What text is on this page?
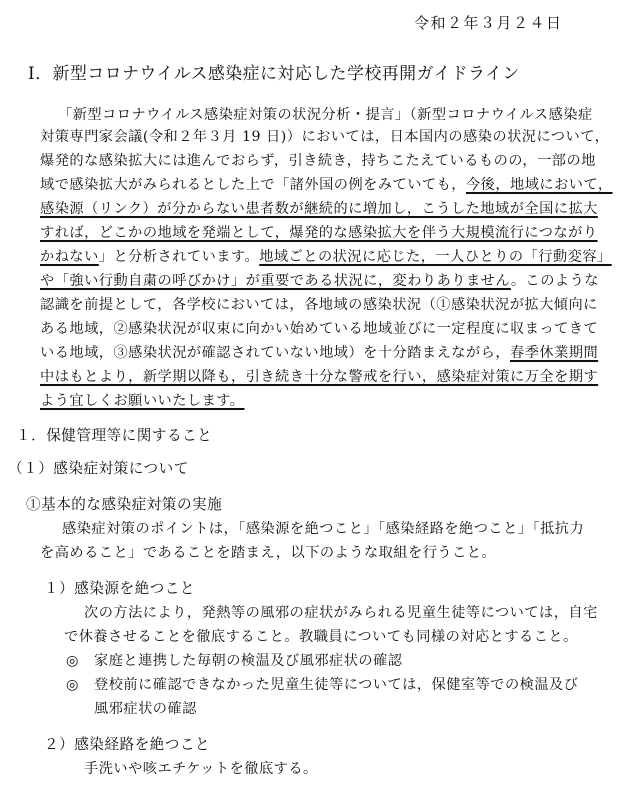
令和２年３月２４日
Ⅰ．新型コロナウイルス感染症に対応した学校再開ガイドライン
「新型コロナウイルス感染症対策の状況分析・提言」（新型コロナウイルス感染症
対策専門家会議(令和２年３月 19 日)）においては，日本国内の感染の状況について，
爆発的な感染拡大には進んでおらず，引き続き，持ちこたえているものの，一部の地
域で感染拡大がみられるとした上で「諸外国の例をみていても，今後，地域において，
感染源（リンク）が分からない患者数が継続的に増加し，こうした地域が全国に拡大
すれば，どこかの地域を発端として，爆発的な感染拡大を伴う大規模流行につながり
かねない」と分析されています。地域ごとの状況に応じた，一人ひとりの「行動変容」
や「強い行動自粛の呼びかけ」が重要である状況に，変わりありません。このような
認識を前提として，各学校においては，各地域の感染状況（①感染状況が拡大傾向に
ある地域，②感染状況が収束に向かい始めている地域並びに一定程度に収まってきて
いる地域，③感染状況が確認されていない地域）を十分踏まえながら，春季休業期間
中はもとより，新学期以降も，引き続き十分な警戒を行い，感染症対策に万全を期す
よう宜しくお願いいたします。
１．保健管理等に関すること
（１）感染症対策について
①基本的な感染症対策の実施
感染症対策のポイントは，「感染源を絶つこと」「感染経路を絶つこと」「抵抗力
を高めること」であることを踏まえ，以下のような取組を行うこと。
１）感染源を絶つこと
次の方法により，発熱等の風邪の症状がみられる児童生徒等については，自宅
で休養させることを徹底すること。教職員についても同様の対応とすること。
◎ 家庭と連携した毎朝の検温及び風邪症状の確認
◎ 登校前に確認できなかった児童生徒等については，保健室等での検温及び
風邪症状の確認
２）感染経路を絶つこと
手洗いや咳エチケットを徹底する。
